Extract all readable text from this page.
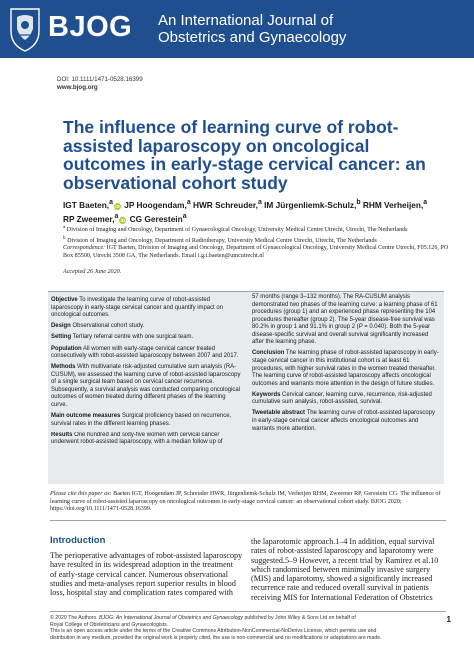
BJOG An International Journal of
Obstetrics and Gynaecology
DOI: 10.1111/1471-0528.16399
www.bjog.org
The influence of learning curve of robot-assisted laparoscopy on oncological outcomes in early-stage cervical cancer: an observational cohort study
IGT Baeten,$^a$iD JP Hoogendam,$^a$ HWR Schreuder,$^a$ IM Jürgenliemk-Schulz,$^b$ RHM Verheijen,$^a$
RP Zweemer,$^a$iD CG Gerestein$^a$
$^a$ Division of Imaging and Oncology, Department of Gynaecological Oncology, University Medical Centre Utrecht, Utrecht, The Netherlands
$^b$ Division of Imaging and Oncology, Department of Radiotherapy, University Medical Centre Utrecht, Utrecht, The Netherlands
Correspondence: IGT Baeten, Division of Imaging and Oncology, Department of Gynaecological Oncology, University Medical Centre Utrecht, F05.126, PO Box 85500, Utrecht 3508 GA, The Netherlands. Email i.g.t.baeten@umcutrecht.nl
Accepted 26 June 2020.

Objective To investigate the learning curve of robot-assisted laparoscopy in early-stage cervical cancer and quantify impact on oncological outcomes.

Design Observational cohort study.

Setting Tertiary referral centre with one surgical team.

Population All women with early-stage cervical cancer treated consecutively with robot-assisted laparoscopy between 2007 and 2017.

Methods With multivariate risk-adjusted cumulative sum analysis (RA-CUSUM), we assessed the learning curve of robot-assisted laparoscopy of a single surgical team based on cervical cancer recurrence. Subsequently, a survival analysis was conducted comparing oncological outcomes of women treated during different phases of the learning curve.

Main outcome measures Surgical proficiency based on recurrence, survival rates in the different learning phases.

Results One hundred and sixty-five women with cervical cancer underwent robot-assisted laparoscopy, with a median follow up of

57 months (range 3–132 months). The RA-CUSUM analysis demonstrated two phases of the learning curve: a learning phase of 61 procedures (group 1) and an experienced phase representing the 104 procedures thereafter (group 2). The 5-year disease-free survival was 80.2% in group 1 and 91.1% in group 2 (P = 0.040). Both the 5-year disease-specific survival and overall survival significantly increased after the learning phase.

Conclusion The learning phase of robot-assisted laparoscopy in early-stage cervical cancer in this institutional cohort is at least 61 procedures, with higher survival rates in the women treated thereafter. The learning curve of robot-assisted laparoscopy affects oncological outcomes and warrants more attention in the design of future studies.

Keywords Cervical cancer, learning curve, recurrence, risk-adjusted cumulative sum analysis, robot-assisted, survival.

Tweetable abstract The learning curve of robot-assisted laparoscopy in early-stage cervical cancer affects oncological outcomes and warrants more attention.

Please cite this paper as: Baeten IGT, Hoogendam JP, Schreuder HWR, Jürgenliemk-Schulz IM, Verheijen RHM, Zweemer RP, Gerestein CG. The influence of learning curve of robot-assisted laparoscopy on oncological outcomes in early-stage cervical cancer: an observational cohort study. BJOG 2020; https://doi.org/10.1111/1471-0528.16399.
Introduction
The perioperative advantages of robot-assisted laparoscopy
have resulted in its widespread adoption in the treatment
of early-stage cervical cancer. Numerous observational
studies and meta-analyses report superior results in blood
loss, hospital stay and complication rates compared with
the laparotomic approach.1–4 In addition, equal survival
rates of robot-assisted laparoscopy and laparotomy were
suggested.5–9 However, a recent trial by Ramirez et al.10
which randomised between minimally invasive surgery
(MIS) and laparotomy, showed a significantly increased
recurrence rate and reduced overall survival in patients
receiving MIS for International Federation of Obstetrics
© 2020 The Authors. BJOG: An International Journal of Obstetrics and Gynaecology published by John Wiley & Sons Ltd on behalf of
Royal College of Obstetricians and Gynaecologists.
This is an open access article under the terms of the Creative Commons Attribution-NonCommercial-NoDerivs License, which permits use and
distribution in any medium, provided the original work is properly cited, the use is non-commercial and no modifications or adaptations are made.
1
